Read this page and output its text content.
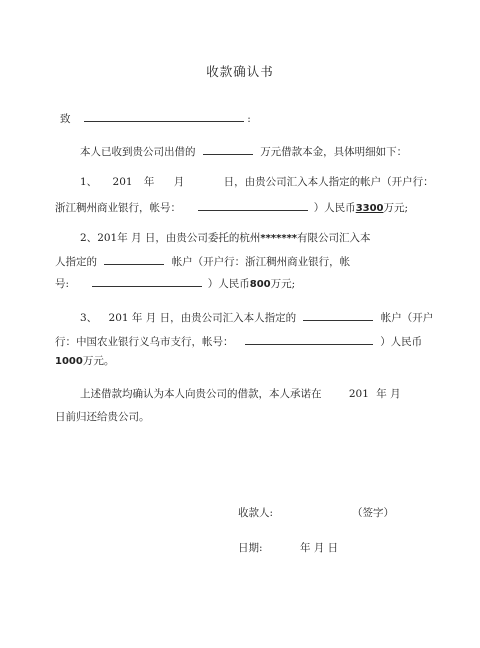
收款确认书
致	:
本人已收到贵公司出借的	万元借款本金，具体明细如下：
1、 201 年 月	日，由贵公司汇入本人指定的帐户（开户行：
浙江稠州商业银行，帐号：	）人民币3300万元;
2、201年 月 日，由贵公司委托的杭州*******有限公司汇入本
人指定的	帐户（开户行：浙江稠州商业银行，帐
号:	）人民币800万元;
3、 201 年 月 日，由贵公司汇入本人指定的	帐户（开户
行：中国农业银行义乌市支行，帐号：	）人民币
1000万元。
上述借款均确认为本人向贵公司的借款，本人承诺在	201 年 月
日前归还给贵公司。
收款人:	（签字）
日期:	年 月 日
